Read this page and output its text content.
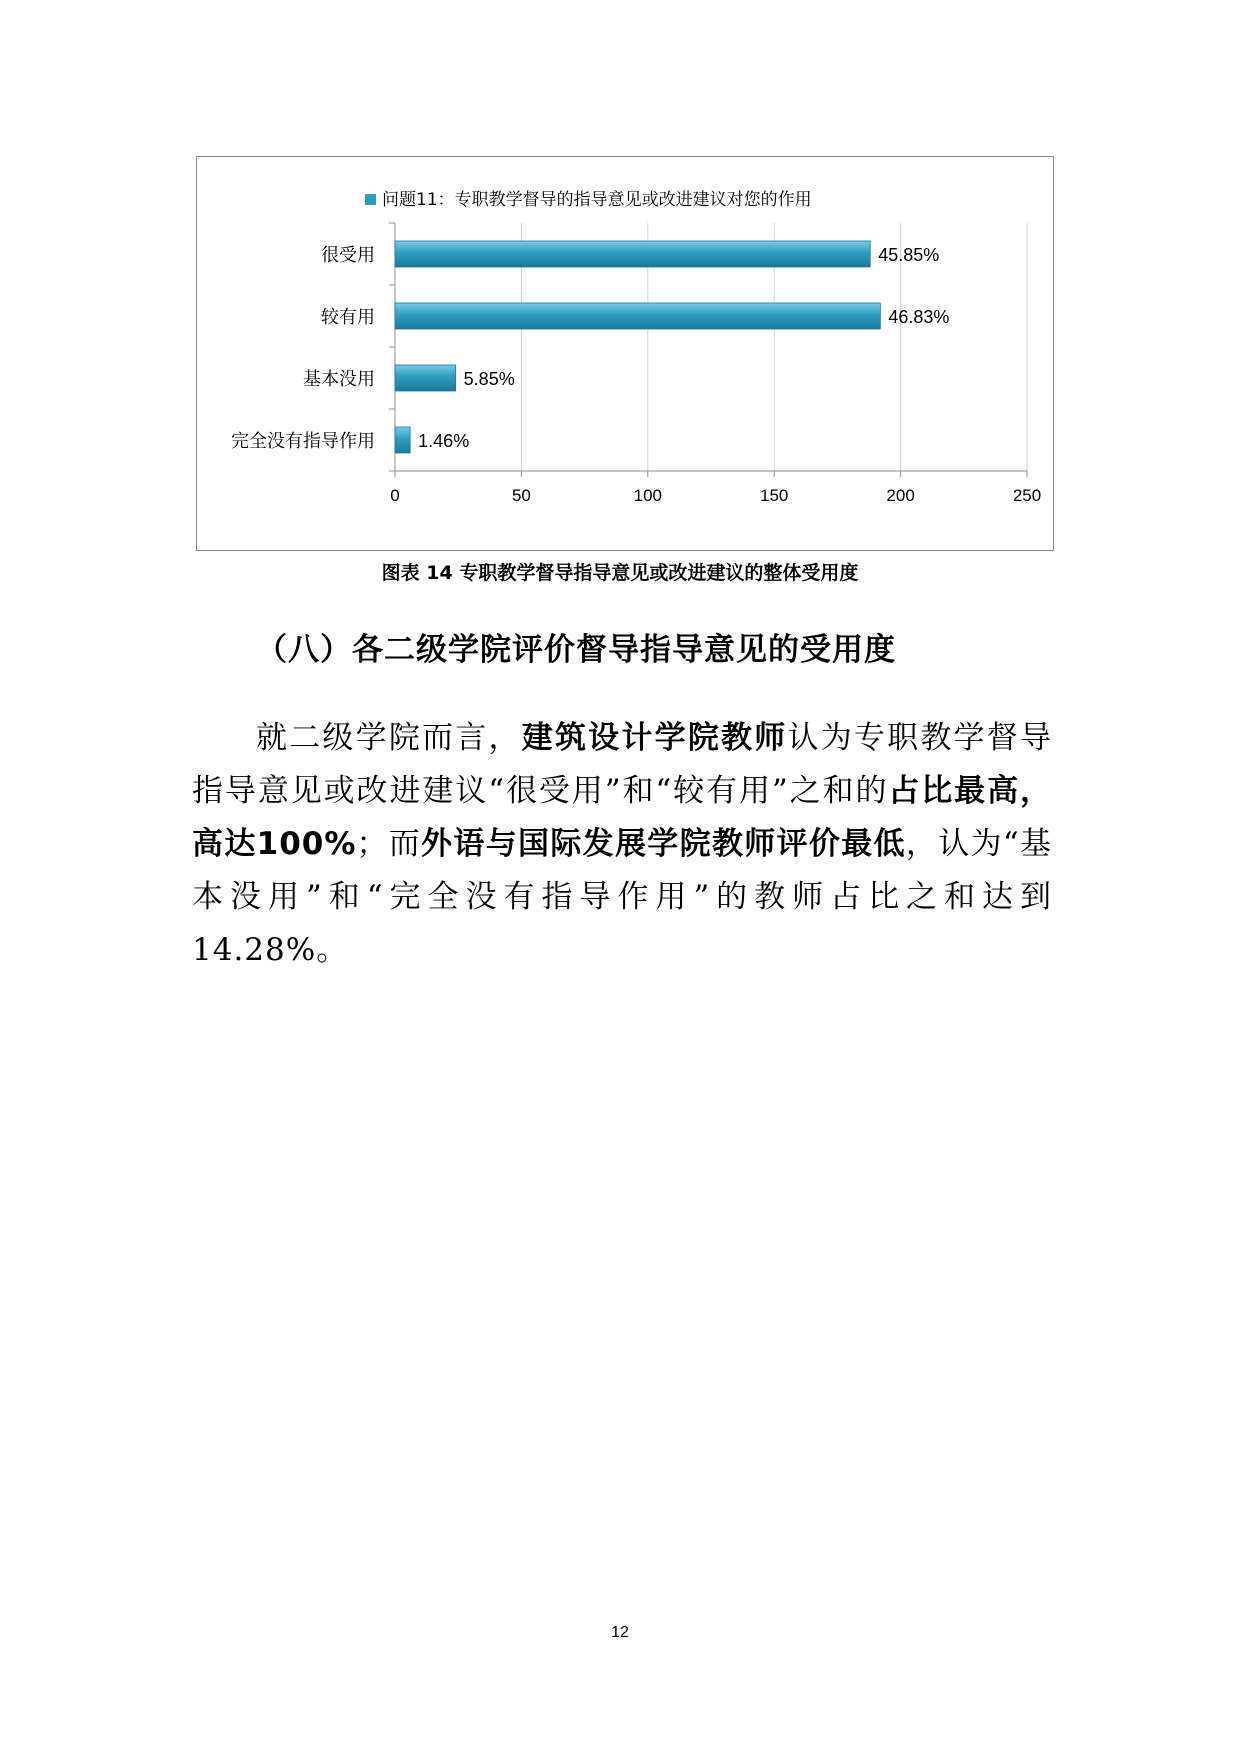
0	50	100	150	200	250
很受用	45.85%
较有用	46.83%
基本没用	5.85%
完全没有指导作用 1.46%
问题11：专职教学督导的指导意见或改进建议对您的作用
图表 14 专职教学督导指导意见或改进建议的整体受用度
（八）各二级学院评价督导指导意见的受用度
就二级学院而言，建筑设计学院教师认为专职教学督导指导意见或改进建议“很受用”和“较有用”之和的占比最高，高达100%；而外语与国际发展学院教师评价最低，认为“基本没用”和“完全没有指导作用”的教师占比之和达到14.28%。
12
